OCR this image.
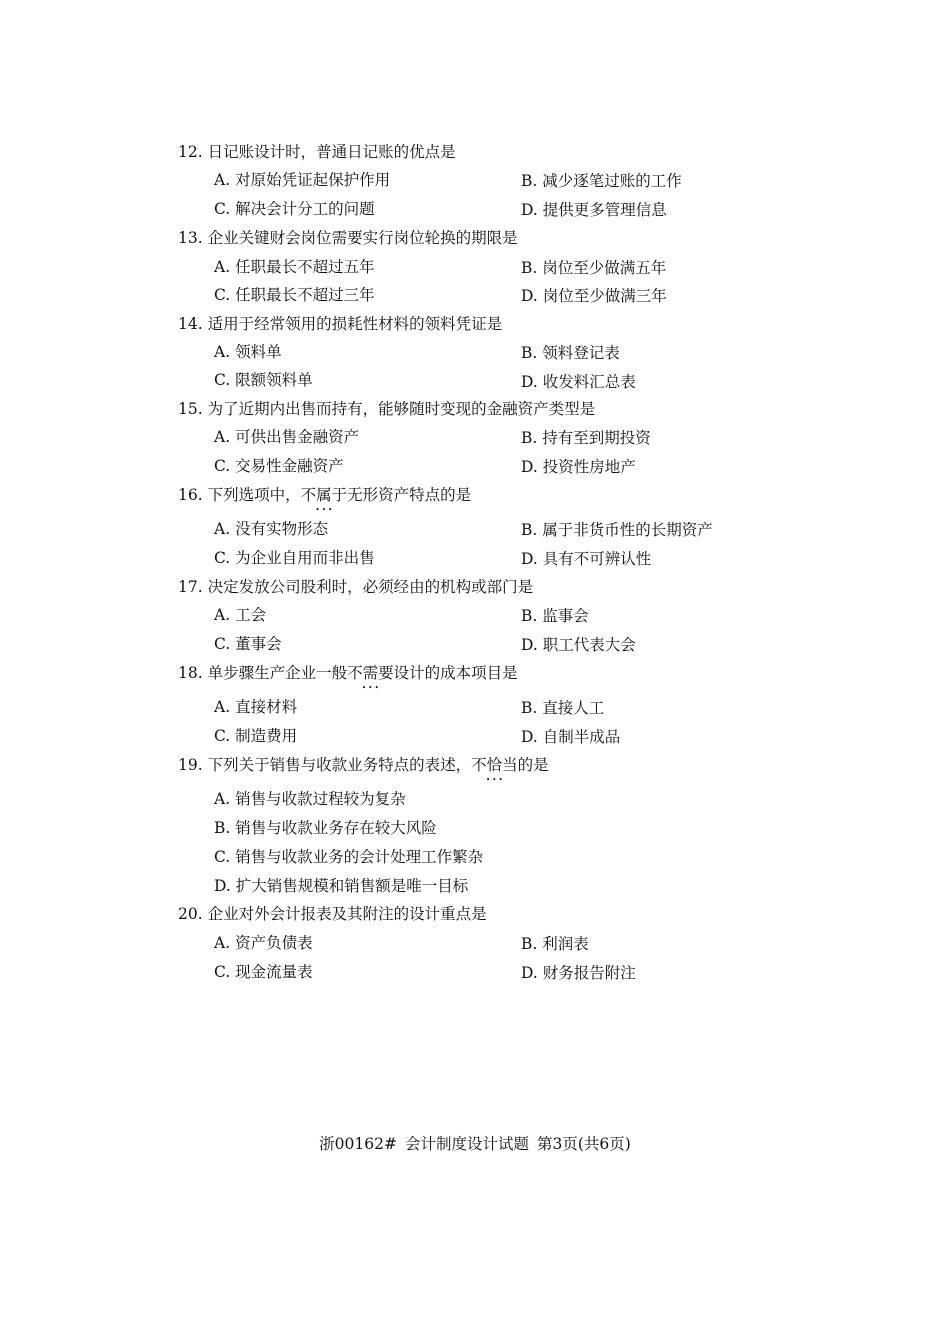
12. 日记账设计时，普通日记账的优点是
A. 对原始凭证起保护作用	B. 减少逐笔过账的工作
C. 解决会计分工的问题	D. 提供更多管理信息
13. 企业关键财会岗位需要实行岗位轮换的期限是
A. 任职最长不超过五年	B. 岗位至少做满五年
C. 任职最长不超过三年	D. 岗位至少做满三年
14. 适用于经常领用的损耗性材料的领料凭证是
A. 领料单	B. 领料登记表
C. 限额领料单	D. 收发料汇总表
15. 为了近期内出售而持有，能够随时变现的金融资产类型是
A. 可供出售金融资产	B. 持有至到期投资
C. 交易性金融资产	D. 投资性房地产
16. 下列选项中，不属于 • • •无形资产特点的是
A. 没有实物形态	B. 属于非货币性的长期资产
C. 为企业自用而非出售	D. 具有不可辨认性
17. 决定发放公司股利时，必须经由的机构或部门是
A. 工会	B. 监事会
C. 董事会	D. 职工代表大会
18. 单步骤生产企业一般不需要 • • •设计的成本项目是
A. 直接材料	B. 直接人工
C. 制造费用	D. 自制半成品
19. 下列关于销售与收款业务特点的表述，不恰当 • • •的是
A. 销售与收款过程较为复杂
B. 销售与收款业务存在较大风险
C. 销售与收款业务的会计处理工作繁杂
D. 扩大销售规模和销售额是唯一目标
20. 企业对外会计报表及其附注的设计重点是
A. 资产负债表	B. 利润表
C. 现金流量表	D. 财务报告附注
浙00162# 会计制度设计试题 第3页(共6页)
